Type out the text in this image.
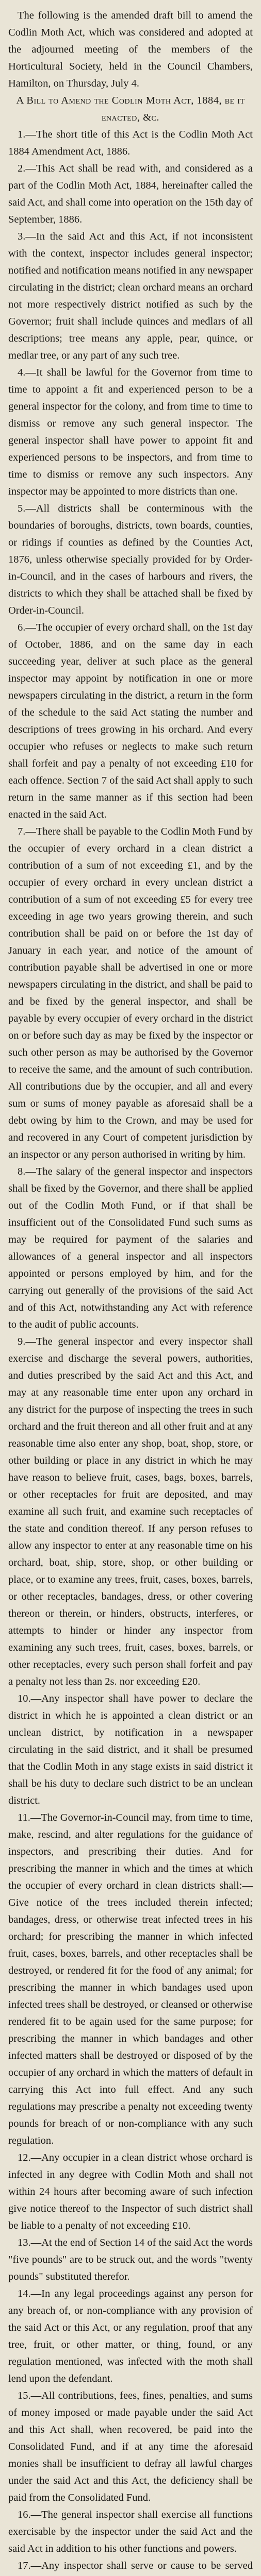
The following is the amended draft bill to amend the Codlin Moth Act, which was considered and adopted at the adjourned meeting of the members of the Horticultural Society, held in the Council Chambers, Hamilton, on Thursday, July 4.

A Bill to Amend the Codlin Moth Act, 1884, be it enacted, &c.

1.—The short title of this Act is the Codlin Moth Act 1884 Amendment Act, 1886.

2.—This Act shall be read with, and considered as a part of the Codlin Moth Act, 1884, hereinafter called the said Act, and shall come into operation on the 15th day of September, 1886.

3.—In the said Act and this Act, if not inconsistent with the context, inspector includes general inspector; notified and notification means notified in any newspaper circulating in the district; clean orchard means an orchard not more respectively district notified as such by the Governor; fruit shall include quinces and medlars of all descriptions; tree means any apple, pear, quince, or medlar tree, or any part of any such tree.

4.—It shall be lawful for the Governor from time to time to appoint a fit and experienced person to be a general inspector for the colony, and from time to time to dismiss or remove any such general inspector. The general inspector shall have power to appoint fit and experienced persons to be inspectors, and from time to time to dismiss or remove any such inspectors. Any inspector may be appointed to more districts than one.

5.—All districts shall be conterminous with the boundaries of boroughs, districts, town boards, counties, or ridings if counties as defined by the Counties Act, 1876, unless otherwise specially provided for by Order-in-Council, and in the cases of harbours and rivers, the districts to which they shall be attached shall be fixed by Order-in-Council.

6.—The occupier of every orchard shall, on the 1st day of October, 1886, and on the same day in each succeeding year, deliver at such place as the general inspector may appoint by notification in one or more newspapers circulating in the district, a return in the form of the schedule to the said Act stating the number and descriptions of trees growing in his orchard. And every occupier who refuses or neglects to make such return shall forfeit and pay a penalty of not exceeding £10 for each offence. Section 7 of the said Act shall apply to such return in the same manner as if this section had been enacted in the said Act.

7.—There shall be payable to the Codlin Moth Fund by the occupier of every orchard in a clean district a contribution of a sum of not exceeding £1, and by the occupier of every orchard in every unclean district a contribution of a sum of not exceeding £5 for every tree exceeding in age two years growing therein, and such contribution shall be paid on or before the 1st day of January in each year, and notice of the amount of contribution payable shall be advertised in one or more newspapers circulating in the district, and shall be paid to and be fixed by the general inspector, and shall be payable by every occupier of every orchard in the district on or before such day as may be fixed by the inspector or such other person as may be authorised by the Governor to receive the same, and the amount of such contribution. All contributions due by the occupier, and all and every sum or sums of money payable as aforesaid shall be a debt owing by him to the Crown, and may be used for and recovered in any Court of competent jurisdiction by an inspector or any person authorised in writing by him.

8.—The salary of the general inspector and inspectors shall be fixed by the Governor, and there shall be applied out of the Codlin Moth Fund, or if that shall be insufficient out of the Consolidated Fund such sums as may be required for payment of the salaries and allowances of a general inspector and all inspectors appointed or persons employed by him, and for the carrying out generally of the provisions of the said Act and of this Act, notwithstanding any Act with reference to the audit of public accounts.

9.—The general inspector and every inspector shall exercise and discharge the several powers, authorities, and duties prescribed by the said Act and this Act, and may at any reasonable time enter upon any orchard in any district for the purpose of inspecting the trees in such orchard and the fruit thereon and all other fruit and at any reasonable time also enter any shop, boat, shop, store, or other building or place in any district in which he may have reason to believe fruit, cases, bags, boxes, barrels, or other receptacles for fruit are deposited, and may examine all such fruit, and examine such receptacles of the state and condition thereof. If any person refuses to allow any inspector to enter at any reasonable time on his orchard, boat, ship, store, shop, or other building or place, or to examine any trees, fruit, cases, boxes, barrels, or other receptacles, bandages, dress, or other covering thereon or therein, or hinders, obstructs, interferes, or attempts to hinder or hinder any inspector from examining any such trees, fruit, cases, boxes, barrels, or other receptacles, every such person shall forfeit and pay a penalty not less than 2s. nor exceeding £20.

10.—Any inspector shall have power to declare the district in which he is appointed a clean district or an unclean district, by notification in a newspaper circulating in the said district, and it shall be presumed that the Codlin Moth in any stage exists in said district it shall be his duty to declare such district to be an unclean district.

11.—The Governor-in-Council may, from time to time, make, rescind, and alter regulations for the guidance of inspectors, and prescribing their duties. And for prescribing the manner in which and the times at which the occupier of every orchard in clean districts shall:—Give notice of the trees included therein infected; bandages, dress, or otherwise treat infected trees in his orchard; for prescribing the manner in which infected fruit, cases, boxes, barrels, and other receptacles shall be destroyed, or rendered fit for the food of any animal; for prescribing the manner in which bandages used upon infected trees shall be destroyed, or cleansed or otherwise rendered fit to be again used for the same purpose; for prescribing the manner in which bandages and other infected matters shall be destroyed or disposed of by the occupier of any orchard in which the matters of default in carrying this Act into full effect. And any such regulations may prescribe a penalty not exceeding twenty pounds for breach of or non-compliance with any such regulation.

12.—Any occupier in a clean district whose orchard is infected in any degree with Codlin Moth and shall not within 24 hours after becoming aware of such infection give notice thereof to the Inspector of such district shall be liable to a penalty of not exceeding £10.

13.—At the end of Section 14 of the said Act the words "five pounds" are to be struck out, and the words "twenty pounds" substituted therefor.

14.—In any legal proceedings against any person for any breach of, or non-compliance with any provision of the said Act or this Act, or any regulation, proof that any tree, fruit, or other matter, or thing, found, or any regulation mentioned, was infected with the moth shall lend upon the defendant.

15.—All contributions, fees, fines, penalties, and sums of money imposed or made payable under the said Act and this Act shall, when recovered, be paid into the Consolidated Fund, and if at any time the aforesaid monies shall be insufficient to defray all lawful charges under the said Act and this Act, the deficiency shall be paid from the Consolidated Fund.

16.—The general inspector shall exercise all functions exercisable by the inspector under the said Act and the said Act in addition to his other functions and powers.

17.—Any inspector shall serve or cause to be served
